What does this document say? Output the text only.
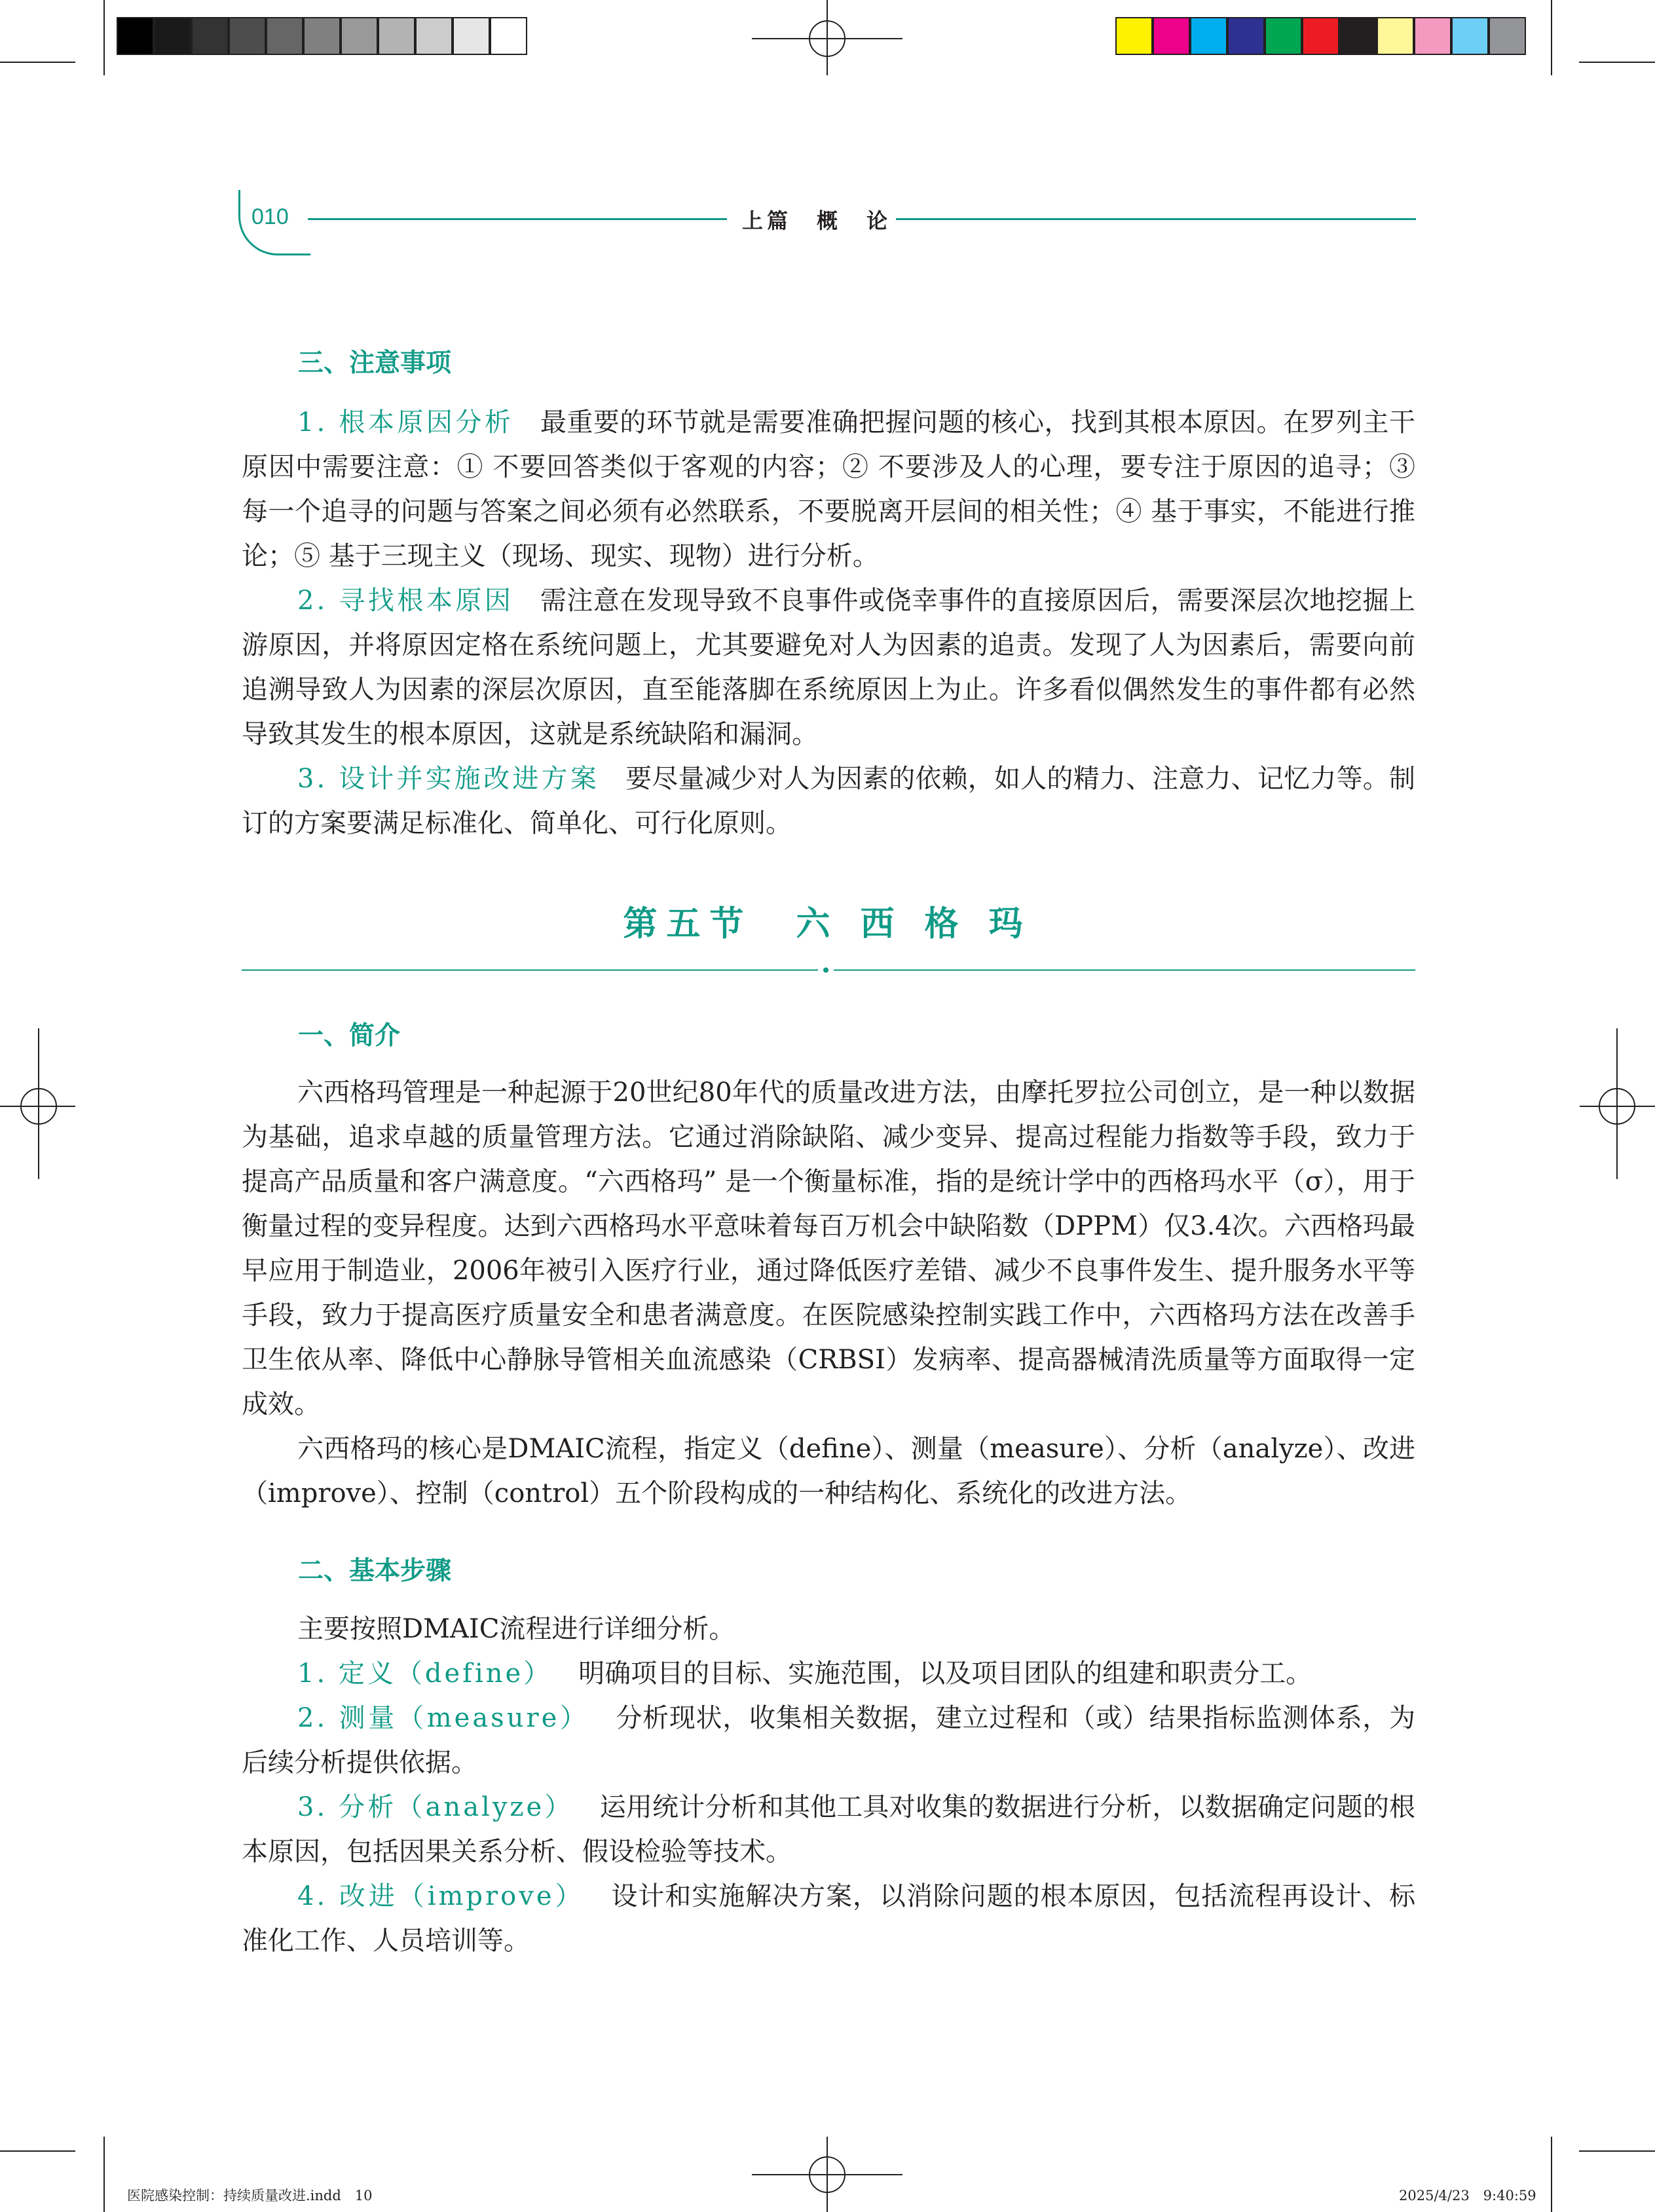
010	上篇　概　论
三、注意事项

1. 根本原因分析 最重要的环节就是需要准确把握问题的核心，找到其根本原因。在罗列主干原因中需要注意：① 不要回答类似于客观的内容；② 不要涉及人的心理，要专注于原因的追寻；③ 每一个追寻的问题与答案之间必须有必然联系，不要脱离开层间的相关性；④ 基于事实，不能进行推论；⑤ 基于三现主义（现场、现实、现物）进行分析。

2. 寻找根本原因 需注意在发现导致不良事件或侥幸事件的直接原因后，需要深层次地挖掘上游原因，并将原因定格在系统问题上，尤其要避免对人为因素的追责。发现了人为因素后，需要向前追溯导致人为因素的深层次原因，直至能落脚在系统原因上为止。许多看似偶然发生的事件都有必然导致其发生的根本原因，这就是系统缺陷和漏洞。

3. 设计并实施改进方案 要尽量减少对人为因素的依赖，如人的精力、注意力、记忆力等。制订的方案要满足标准化、简单化、可行化原则。

第五节　六 西 格 玛
一、简介

六西格玛管理是一种起源于20世纪80年代的质量改进方法，由摩托罗拉公司创立，是一种以数据为基础，追求卓越的质量管理方法。它通过消除缺陷、减少变异、提高过程能力指数等手段，致力于提高产品质量和客户满意度。“六西格玛” 是一个衡量标准，指的是统计学中的西格玛水平（σ），用于衡量过程的变异程度。达到六西格玛水平意味着每百万机会中缺陷数（DPPM）仅3.4次。六西格玛最早应用于制造业，2006年被引入医疗行业，通过降低医疗差错、减少不良事件发生、提升服务水平等手段，致力于提高医疗质量安全和患者满意度。在医院感染控制实践工作中，六西格玛方法在改善手卫生依从率、降低中心静脉导管相关血流感染（CRBSI）发病率、提高器械清洗质量等方面取得一定成效。

六西格玛的核心是DMAIC流程，指定义（define）、测量（measure）、分析（analyze）、改进（improve）、控制（control）五个阶段构成的一种结构化、系统化的改进方法。

二、基本步骤

主要按照DMAIC流程进行详细分析。

1. 定义（define） 明确项目的目标、实施范围，以及项目团队的组建和职责分工。

2. 测量（measure） 分析现状，收集相关数据，建立过程和（或）结果指标监测体系，为后续分析提供依据。

3. 分析（analyze） 运用统计分析和其他工具对收集的数据进行分析，以数据确定问题的根本原因，包括因果关系分析、假设检验等技术。

4. 改进（improve） 设计和实施解决方案，以消除问题的根本原因，包括流程再设计、标准化工作、人员培训等。

医院感染控制：持续质量改进.indd　10	2025/4/23　9:40:59
